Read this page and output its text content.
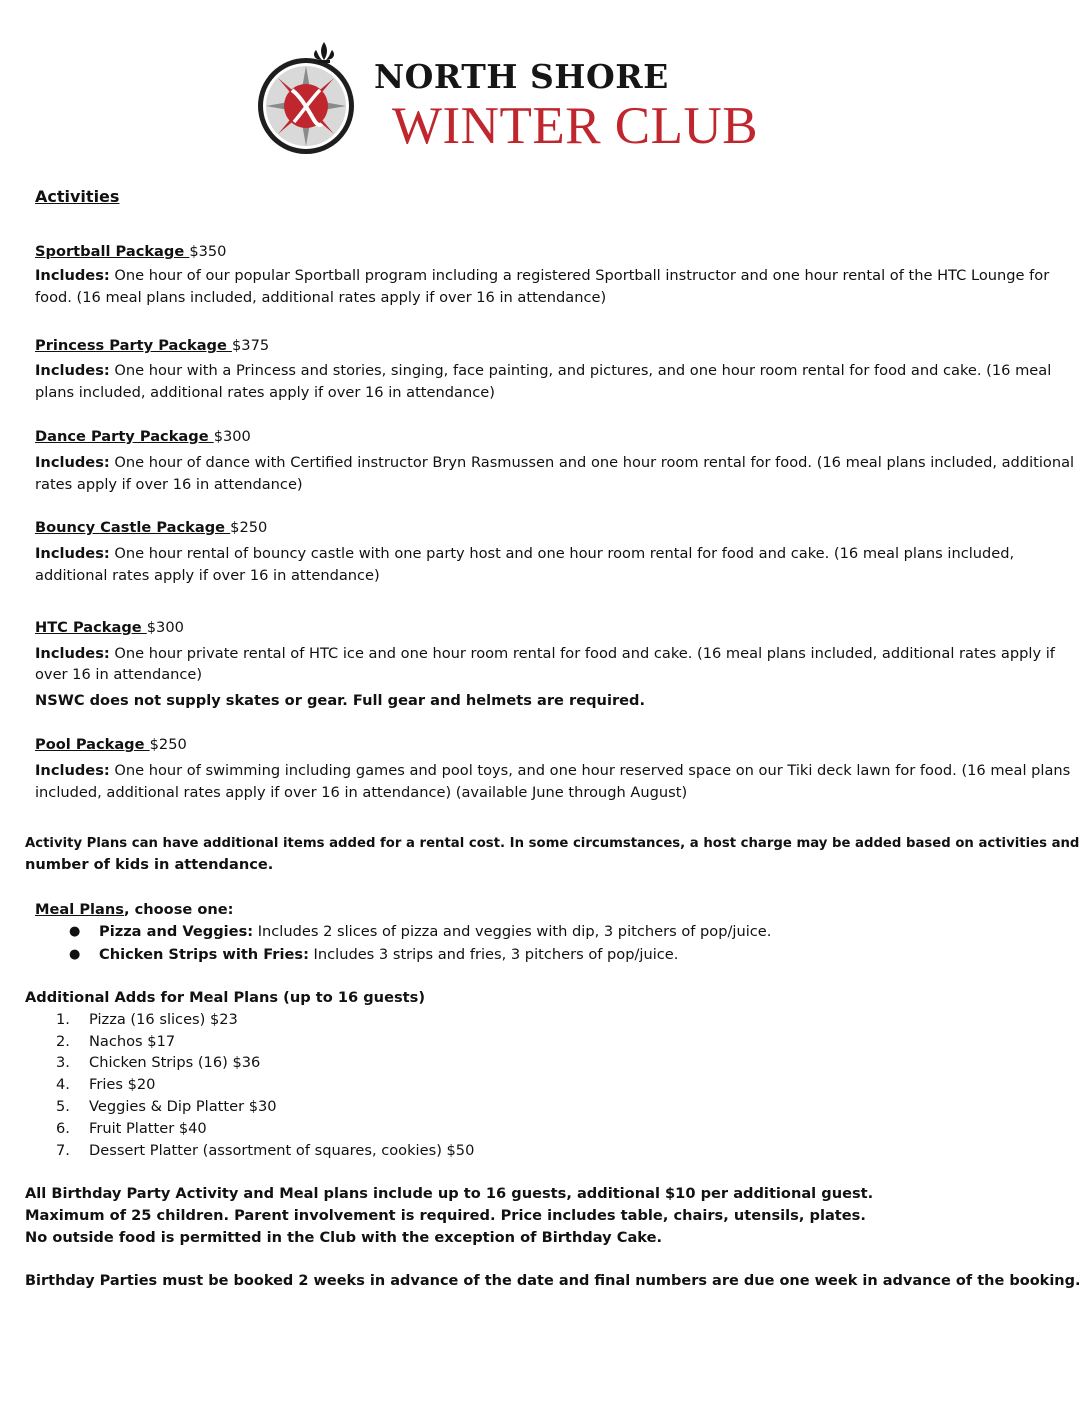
NORTH SHORE
WINTER CLUB
Activities
Sportball Package $350
Includes: One hour of our popular Sportball program including a registered Sportball instructor and one hour rental of the HTC Lounge for
food. (16 meal plans included, additional rates apply if over 16 in attendance)
Princess Party Package $375
Includes: One hour with a Princess and stories, singing, face painting, and pictures, and one hour room rental for food and cake. (16 meal
plans included, additional rates apply if over 16 in attendance)
Dance Party Package $300
Includes: One hour of dance with Certified instructor Bryn Rasmussen and one hour room rental for food. (16 meal plans included, additional
rates apply if over 16 in attendance)
Bouncy Castle Package $250
Includes: One hour rental of bouncy castle with one party host and one hour room rental for food and cake. (16 meal plans included,
additional rates apply if over 16 in attendance)
HTC Package $300
Includes: One hour private rental of HTC ice and one hour room rental for food and cake. (16 meal plans included, additional rates apply if
over 16 in attendance)
NSWC does not supply skates or gear. Full gear and helmets are required.
Pool Package $250
Includes: One hour of swimming including games and pool toys, and one hour reserved space on our Tiki deck lawn for food. (16 meal plans
included, additional rates apply if over 16 in attendance) (available June through August)
Activity Plans can have additional items added for a rental cost. In some circumstances, a host charge may be added based on activities and
number of kids in attendance.
Meal Plans, choose one:
● Pizza and Veggies: Includes 2 slices of pizza and veggies with dip, 3 pitchers of pop/juice.
● Chicken Strips with Fries: Includes 3 strips and fries, 3 pitchers of pop/juice.
Additional Adds for Meal Plans (up to 16 guests)
1. Pizza (16 slices) $23
2. Nachos $17
3. Chicken Strips (16) $36
4. Fries $20
5. Veggies & Dip Platter $30
6. Fruit Platter $40
7. Dessert Platter (assortment of squares, cookies) $50
All Birthday Party Activity and Meal plans include up to 16 guests, additional $10 per additional guest.
Maximum of 25 children. Parent involvement is required. Price includes table, chairs, utensils, plates.
No outside food is permitted in the Club with the exception of Birthday Cake.
Birthday Parties must be booked 2 weeks in advance of the date and final numbers are due one week in advance of the booking.
